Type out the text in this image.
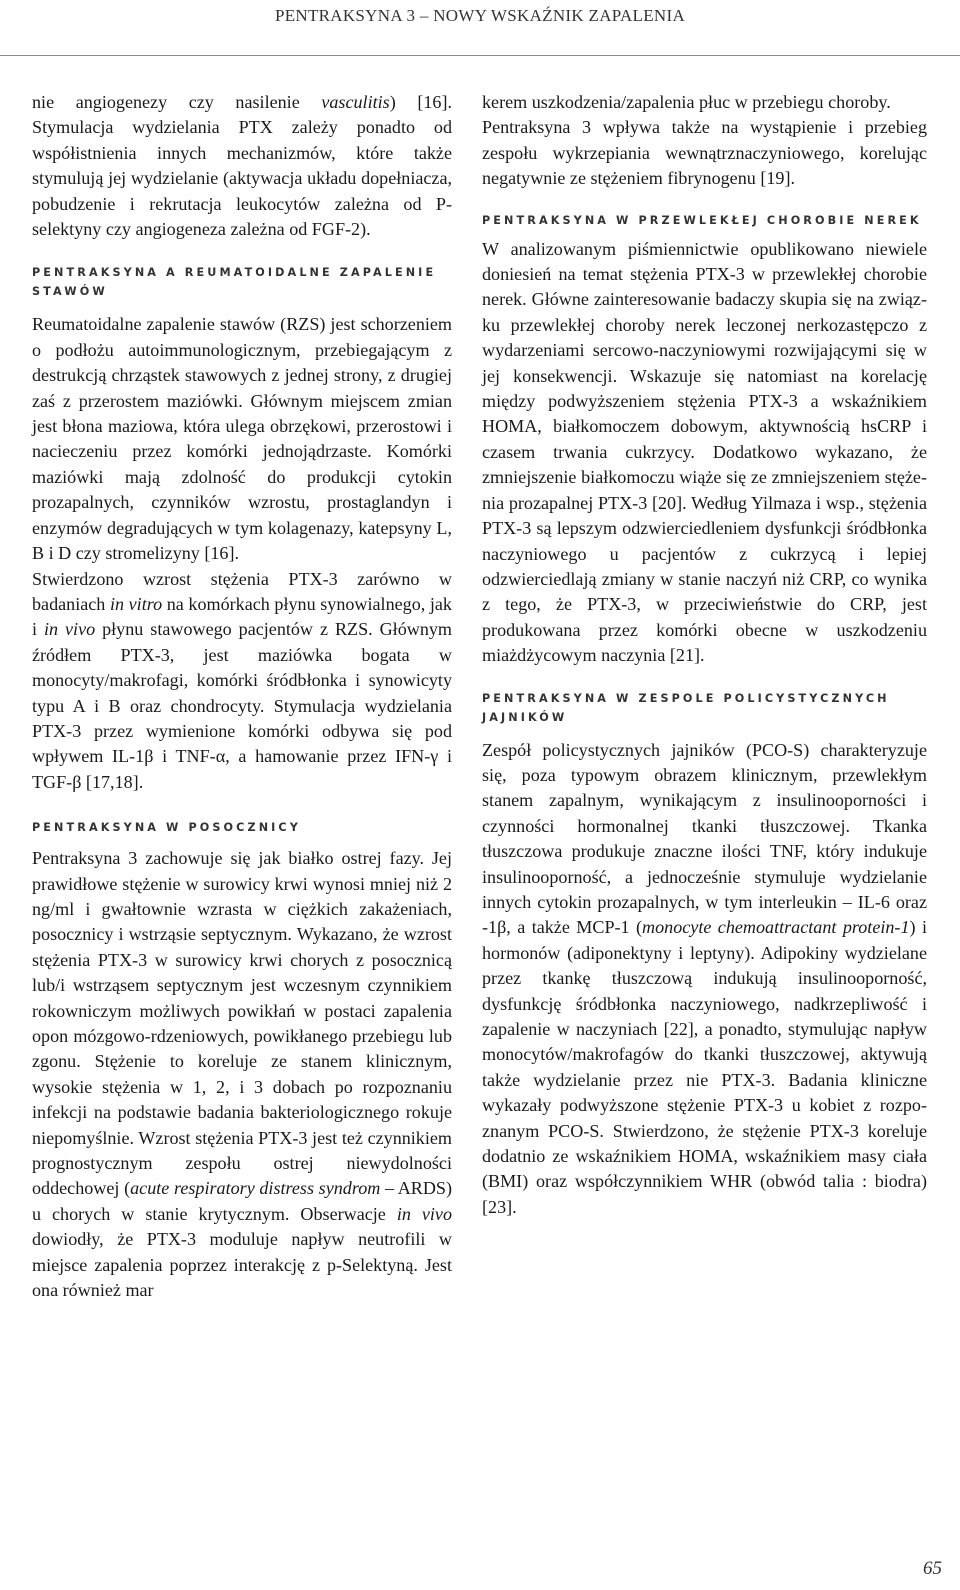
PENTRAKSYNA 3 – NOWY WSKAŹNIK ZAPALENIA

nie angiogenezy czy nasilenie vasculitis) [16]. Stymulacja wydzielania PTX zależy ponadto od współistnienia innych mechanizmów, które także stymulują jej wydzielanie (aktywacja układu dopełniacza, pobudzenie i rekrutacja leukocytów zależna od P-selektyny czy angiogeneza zależna od FGF-2).

PENTRAKSYNA A REUMATOIDALNE ZAPALENIE STAWÓW

Reumatoidalne zapalenie stawów (RZS) jest schorzeniem o podłożu autoimmunologicznym, przebiegającym z destrukcją chrząstek stawowych z jednej strony, z drugiej zaś z przerostem maziówki. Głównym miejscem zmian jest błona maziowa, która ulega obrzękowi, przerostowi i nacieczeniu przez komórki jednojądrzaste. Komórki maziówki mają zdolność do produkcji cytokin prozapalnych, czynników wzrostu, prostaglandyn i enzymów degradujących w tym kolagenazy, katepsyny L, B i D czy stromelizyny [16].

Stwierdzono wzrost stężenia PTX-3 zarówno w badaniach in vitro na komórkach płynu synowialnego, jak i in vivo płynu stawowego pacjentów z RZS. Głównym źródłem PTX-3, jest maziówka bogata w monocyty/makrofagi, komórki śródbłonka i synowicyty typu A i B oraz chondrocyty. Stymulacja wydzielania PTX-3 przez wymienione komórki odbywa się pod wpływem IL-1β i TNF-α, a hamowanie przez IFN-γ i TGF-β [17,18].

PENTRAKSYNA W POSOCZNICY

Pentraksyna 3 zachowuje się jak białko ostrej fazy. Jej prawidłowe stężenie w surowicy krwi wynosi mniej niż 2 ng/ml i gwałtownie wzrasta w ciężkich zakażeniach, posocznicy i wstrząsie septycznym. Wykazano, że wzrost stężenia PTX-3 w surowicy krwi chorych z posocznicą lub/i wstrząsem septycznym jest wczesnym czynnikiem rokowniczym możliwych powikłań w postaci zapalenia opon mózgowo-rdzeniowych, powikłanego przebiegu lub zgonu. Stężenie to koreluje ze stanem klinicznym, wysokie stężenia w 1, 2, i 3 dobach po rozpoznaniu infekcji na podstawie badania bakteriologicznego rokuje niepomyślnie. Wzrost stężenia PTX-3 jest też czynnikiem prognostycznym zespołu ostrej niewydolności oddechowej (acute respiratory distress syndrom – ARDS) u chorych w stanie krytycznym. Obserwacje in vivo dowiodły, że PTX-3 moduluje napływ neutrofili w miejsce zapalenia poprzez interakcję z p-Selektyną. Jest ona również mar

kerem uszkodzenia/zapalenia płuc w przebiegu choroby.

Pentraksyna 3 wpływa także na wystąpienie i przebieg zespołu wykrzepiania wewnątrznaczyniowego, korelując negatywnie ze stężeniem fibrynogenu [19].

PENTRAKSYNA W PRZEWLEKŁEJ CHOROBIE NEREK

W analizowanym piśmiennictwie opublikowano niewiele doniesień na temat stężenia PTX-3 w przewlekłej chorobie nerek. Główne zainteresowanie badaczy skupia się na związku przewlekłej choroby nerek leczonej nerkozastępczo z wydarzeniami sercowo-naczyniowymi rozwijającymi się w jej konsekwencji. Wskazuje się natomiast na korelację między podwyższeniem stężenia PTX-3 a wskaźnikiem HOMA, białkomoczem dobowym, aktywnością hsCRP i czasem trwania cukrzycy. Dodatkowo wykazano, że zmniejszenie białkomoczu wiąże się ze zmniejszeniem stężenia prozapalnej PTX-3 [20]. Według Yilmaza i wsp., stężenia PTX-3 są lepszym odzwierciedleniem dysfunkcji śródbłonka naczyniowego u pacjentów z cukrzycą i lepiej odzwierciedlają zmiany w stanie naczyń niż CRP, co wynika z tego, że PTX-3, w przeciwieństwie do CRP, jest produkowana przez komórki obecne w uszkodzeniu miażdżycowym naczynia [21].

PENTRAKSYNA W ZESPOLE POLICYSTYCZNYCH JAJNIKÓW

Zespół policystycznych jajników (PCO-S) charakteryzuje się, poza typowym obrazem klinicznym, przewlekłym stanem zapalnym, wynikającym z insulinooporności i czynności hormonalnej tkanki tłuszczowej. Tkanka tłuszczowa produkuje znaczne ilości TNF, który indukuje insulinooporność, a jednocześnie stymuluje wydzielanie innych cytokin prozapalnych, w tym interleukin – IL-6 oraz -1β, a także MCP-1 (monocyte chemoattractant protein-1) i hormonów (adiponektyny i leptyny). Adipokiny wydzielane przez tkankę tłuszczową indukują insulinooporność, dysfunkcję śródbłonka naczyniowego, nadkrzepliwość i zapalenie w naczyniach [22], a ponadto, stymulując napływ monocytów/makrofagów do tkanki tłuszczowej, aktywują także wydzielanie przez nie PTX-3. Badania kliniczne wykazały podwyższone stężenie PTX-3 u kobiet z rozpoznanym PCO-S. Stwierdzono, że stężenie PTX-3 koreluje dodatnio ze wskaźnikiem HOMA, wskaźnikiem masy ciała (BMI) oraz współczynnikiem WHR (obwód talia : biodra) [23].

65
